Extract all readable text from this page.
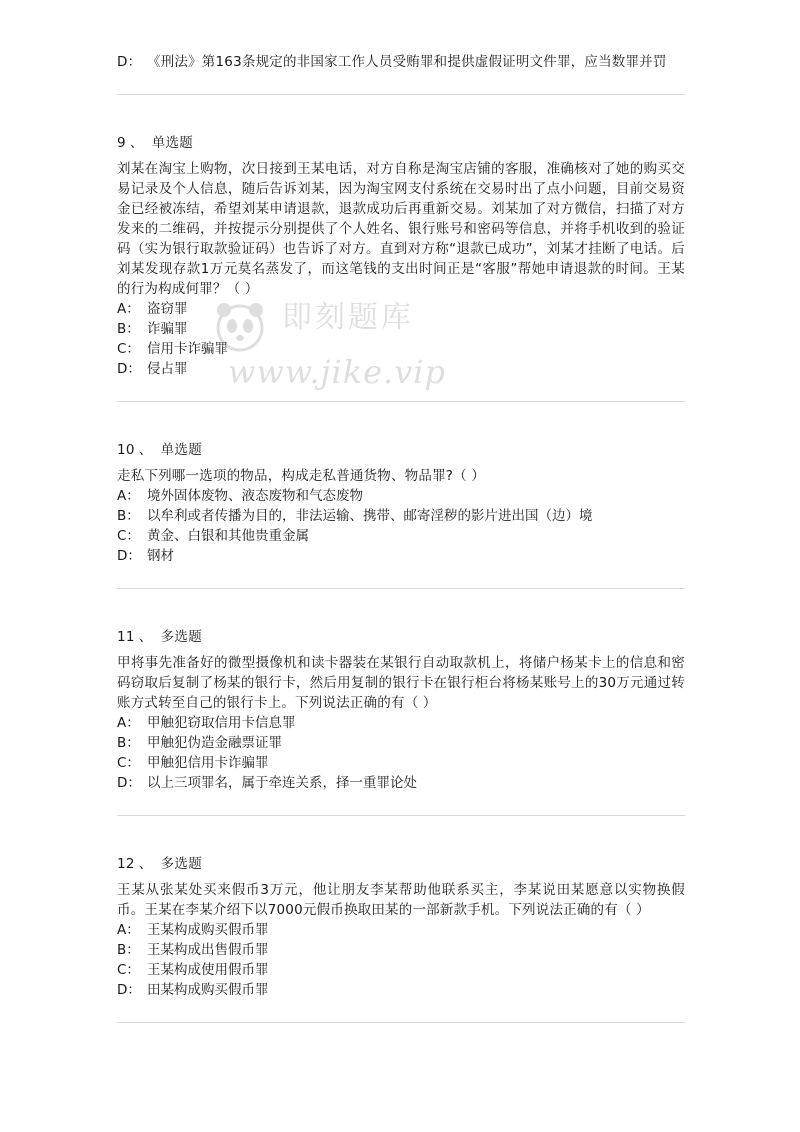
D： 《刑法》第163条规定的非国家工作人员受贿罪和提供虚假证明文件罪，应当数罪并罚
9 、 单选题
刘某在淘宝上购物，次日接到王某电话，对方自称是淘宝店铺的客服，准确核对了她的购买交易记录及个人信息，随后告诉刘某，因为淘宝网支付系统在交易时出了点小问题，目前交易资金已经被冻结，希望刘某申请退款，退款成功后再重新交易。刘某加了对方微信，扫描了对方发来的二维码，并按提示分别提供了个人姓名、银行账号和密码等信息，并将手机收到的验证码（实为银行取款验证码）也告诉了对方。直到对方称“退款已成功”，刘某才挂断了电话。后刘某发现存款1万元莫名蒸发了，而这笔钱的支出时间正是“客服”帮她申请退款的时间。王某的行为构成何罪？（ ）
A： 盗窃罪
B： 诈骗罪
C： 信用卡诈骗罪
D： 侵占罪
10 、 单选题
走私下列哪一选项的物品，构成走私普通货物、物品罪?（ ）
A： 境外固体废物、液态废物和气态废物
B： 以牟利或者传播为目的，非法运输、携带、邮寄淫秽的影片进出国（边）境
C： 黄金、白银和其他贵重金属
D： 钢材
11 、 多选题
甲将事先准备好的微型摄像机和读卡器装在某银行自动取款机上，将储户杨某卡上的信息和密码窃取后复制了杨某的银行卡，然后用复制的银行卡在银行柜台将杨某账号上的30万元通过转账方式转至自己的银行卡上。下列说法正确的有（ ）
A： 甲触犯窃取信用卡信息罪
B： 甲触犯伪造金融票证罪
C： 甲触犯信用卡诈骗罪
D： 以上三项罪名，属于牵连关系，择一重罪论处
12 、 多选题
王某从张某处买来假币3万元，他让朋友李某帮助他联系买主，李某说田某愿意以实物换假币。王某在李某介绍下以7000元假币换取田某的一部新款手机。下列说法正确的有（ ）
A： 王某构成购买假币罪
B： 王某构成出售假币罪
C： 王某构成使用假币罪
D： 田某构成购买假币罪
即刻题库
www.jike.vip
